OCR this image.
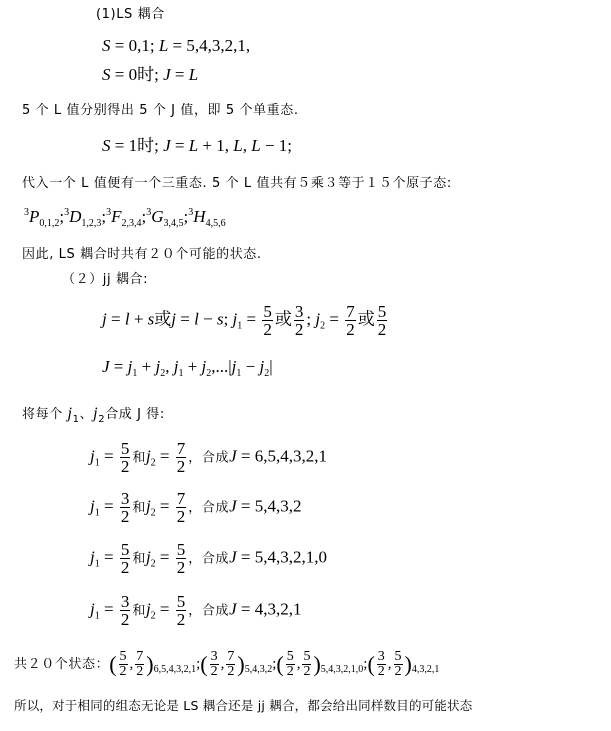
(1)LS 耦合
S = 0,1; L = 5,4,3,2,1,
S = 0时; J = L
5 个 L 值分别得出 5 个 J 值，即 5 个单重态.
S = 1时; J = L + 1, L, L − 1;
代入一个 L 值便有一个三重态. 5 个 L 值共有５乘３等于１５个原子态:
$^3P_{0,1,2};^3D_{1,2,3};^3F_{2,3,4};^3G_{3,4,5};^3H_{4,5,6}$
因此, LS 耦合时共有２０个可能的状态.
（２）jj 耦合:
j = l + s或j = l − s; $j_1 = \frac{5}{2}$ 或 $\frac{3}{2}$ ; $j_2 = \frac{7}{2}$ 或 $\frac{5}{2}$
$J = j_1 + j_2$, $j_1 + j_2,...|j_1 - j_2|$
将每个 $j_1$、$j_2$合成 J 得:
$j_1 = \frac{5}{2}$ 和$j_2 = \frac{7}{2}$ ，合成J = 6,5,4,3,2,1
$j_1 = \frac{3}{2}$ 和$j_2 = \frac{7}{2}$ ，合成J = 5,4,3,2
$j_1 = \frac{5}{2}$ 和$j_2 = \frac{5}{2}$ ，合成J = 5,4,3,2,1,0
$j_1 = \frac{3}{2}$ 和$j_2 = \frac{5}{2}$ ，合成J = 4,3,2,1
共２０个状态：( $\frac{5}{2}$ , $\frac{7}{2}$ )$_{6,5,4,3,2,1};( \frac{3}{2}$ , $\frac{7}{2}$ )$_{5,4,3,2};( \frac{5}{2}$ , $\frac{5}{2}$ )$_{5,4,3,2,1,0};( \frac{3}{2}$ , $\frac{5}{2} )_{4,3,2,1}$
所以，对于相同的组态无论是 LS 耦合还是 jj 耦合，都会给出同样数目的可能状态
